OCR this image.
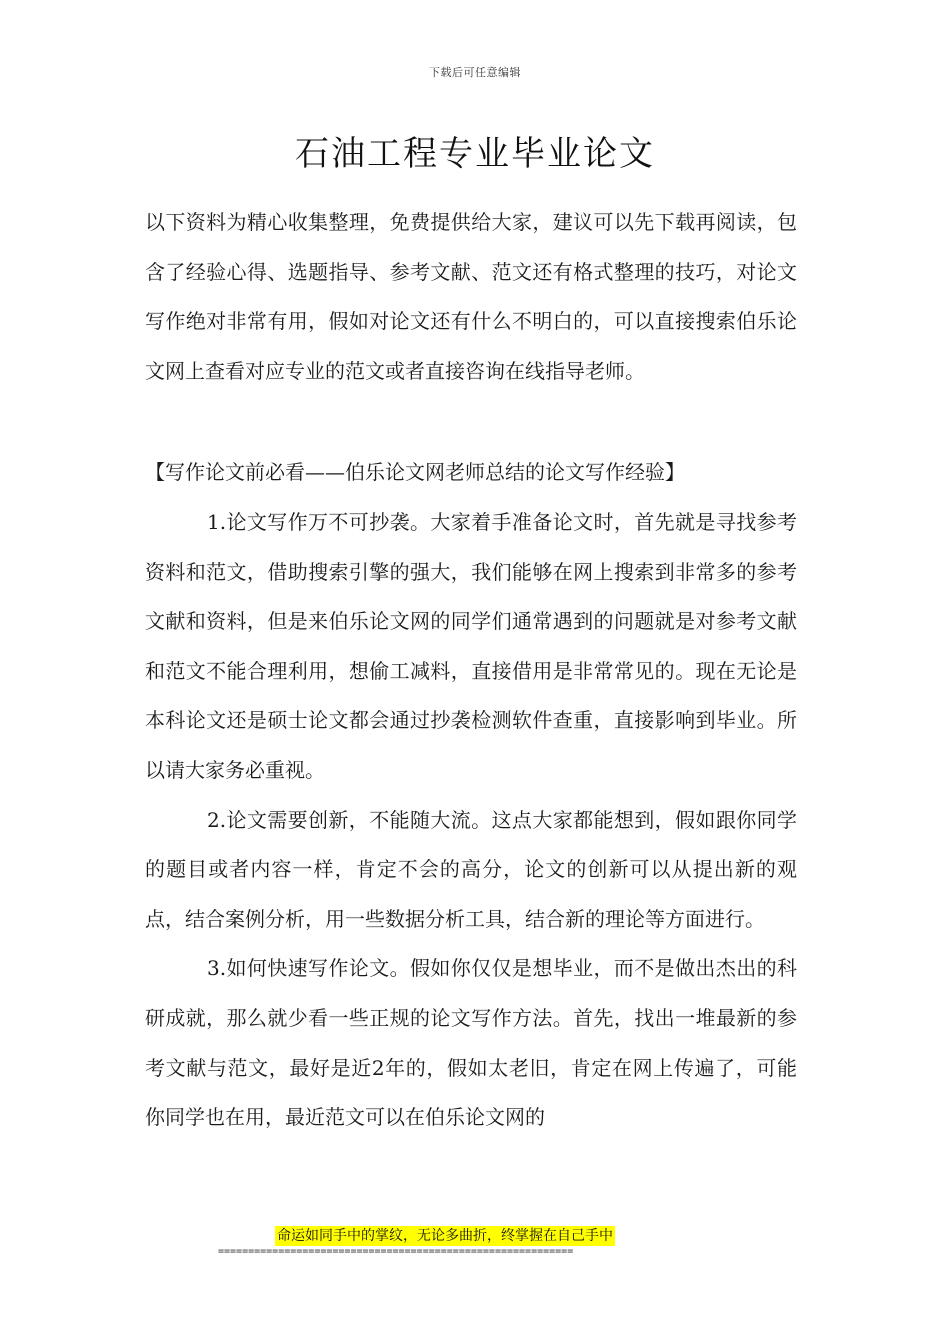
下载后可任意编辑
石油工程专业毕业论文

以下资料为精心收集整理，免费提供给大家，建议可以先下载再阅读，包含了经验心得、选题指导、参考文献、范文还有格式整理的技巧，对论文写作绝对非常有用，假如对论文还有什么不明白的，可以直接搜索伯乐论文网上查看对应专业的范文或者直接咨询在线指导老师。

【写作论文前必看——伯乐论文网老师总结的论文写作经验】

1.论文写作万不可抄袭。大家着手准备论文时，首先就是寻找参考资料和范文，借助搜索引擎的强大，我们能够在网上搜索到非常多的参考文献和资料，但是来伯乐论文网的同学们通常遇到的问题就是对参考文献和范文不能合理利用，想偷工减料，直接借用是非常常见的。现在无论是本科论文还是硕士论文都会通过抄袭检测软件查重，直接影响到毕业。所以请大家务必重视。

2.论文需要创新，不能随大流。这点大家都能想到，假如跟你同学的题目或者内容一样，肯定不会的高分，论文的创新可以从提出新的观点，结合案例分析，用一些数据分析工具，结合新的理论等方面进行。

3.如何快速写作论文。假如你仅仅是想毕业，而不是做出杰出的科研成就，那么就少看一些正规的论文写作方法。首先，找出一堆最新的参考文献与范文，最好是近2年的，假如太老旧，肯定在网上传遍了，可能你同学也在用，最近范文可以在伯乐论文网的

命运如同手中的掌纹，无论多曲折，终掌握在自己手中
===========================================================
